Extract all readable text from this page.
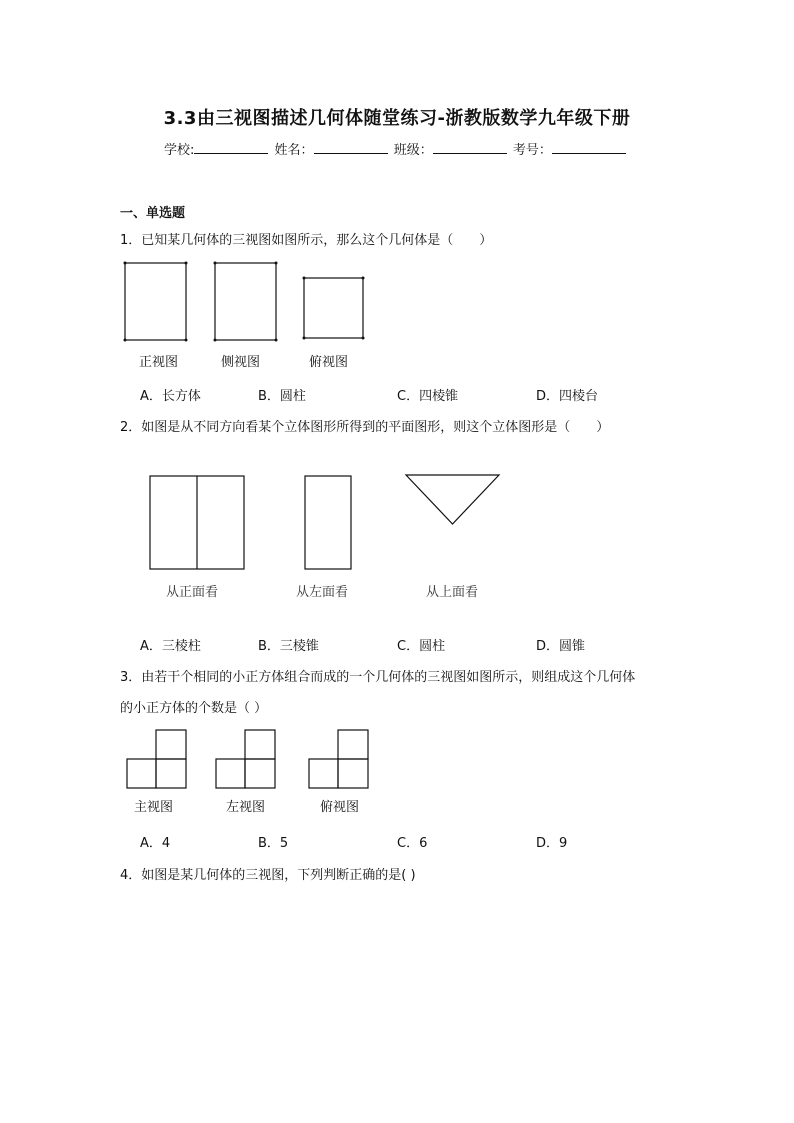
3.3由三视图描述几何体随堂练习-浙教版数学九年级下册
学校:	姓名：	班级：	考号：
一、单选题
1．已知某几何体的三视图如图所示，那么这个几何体是（　　）
正视图	侧视图	俯视图
A．长方体	B．圆柱	C．四棱锥	D．四棱台
2．如图是从不同方向看某个立体图形所得到的平面图形，则这个立体图形是（　　）
从正面看	从左面看	从上面看
A．三棱柱	B．三棱锥	C．圆柱	D．圆锥
3．由若干个相同的小正方体组合而成的一个几何体的三视图如图所示，则组成这个几何体
的小正方体的个数是（ ）
主视图	左视图	俯视图
A．4	B．5	C．6	D．9
4．如图是某几何体的三视图，下列判断正确的是( )
